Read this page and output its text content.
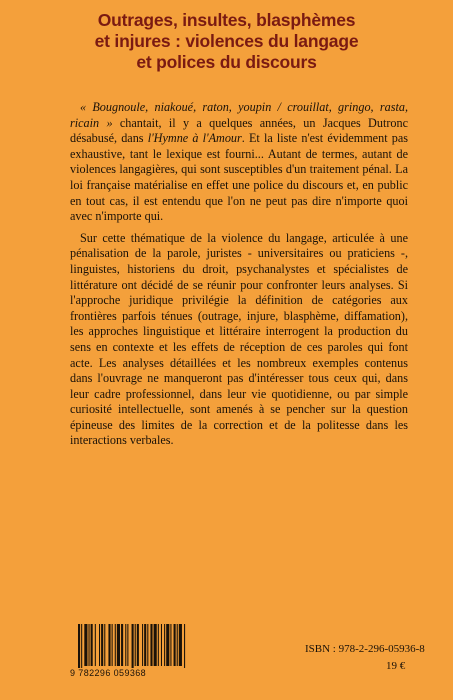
Outrages, insultes, blasphèmes
et injures : violences du langage
et polices du discours

« Bougnoule, niakoué, raton, youpin / crouillat, gringo, rasta, ricain » chantait, il y a quelques années, un Jacques Dutronc désabusé, dans l'Hymne à l'Amour. Et la liste n'est évidemment pas exhaustive, tant le lexique est fourni... Autant de termes, autant de violences langagières, qui sont susceptibles d'un traitement pénal. La loi française matérialise en effet une police du discours et, en public en tout cas, il est entendu que l'on ne peut pas dire n'importe quoi avec n'importe qui.

Sur cette thématique de la violence du langage, articulée à une pénalisation de la parole, juristes - universitaires ou praticiens -, linguistes, historiens du droit, psychanalystes et spécialistes de littérature ont décidé de se réunir pour confronter leurs analyses. Si l'approche juridique privilégie la définition de catégories aux frontières parfois ténues (outrage, injure, blasphème, diffamation), les approches linguistique et littéraire interrogent la production du sens en contexte et les effets de réception de ces paroles qui font acte. Les analyses détaillées et les nombreux exemples contenus dans l'ouvrage ne manqueront pas d'intéresser tous ceux qui, dans leur cadre professionnel, dans leur vie quotidienne, ou par simple curiosité intellectuelle, sont amenés à se pencher sur la question épineuse des limites de la correction et de la politesse dans les interactions verbales.

9 782296 059368
ISBN : 978-2-296-05936-8
19 €
